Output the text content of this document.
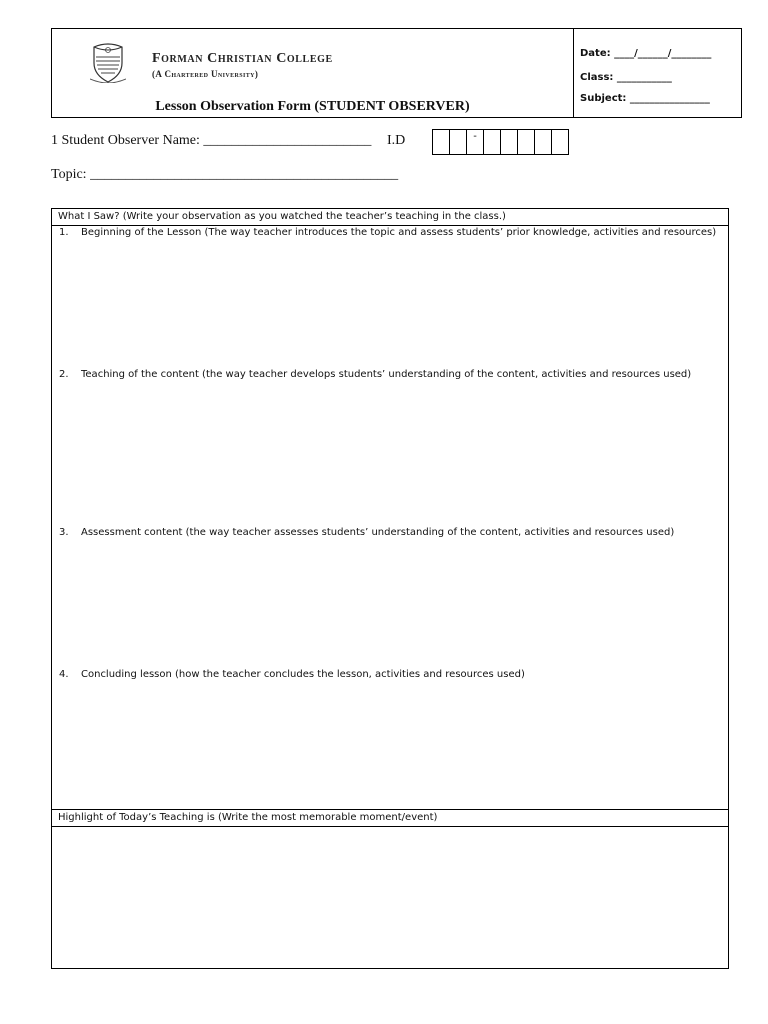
Forman Christian College
(A Chartered University)
Lesson Observation Form (STUDENT OBSERVER)
Date: ____/______/________
Class: ___________
Subject: ________________
1 Student Observer Name: ________________________ I.D	-
Topic: ____________________________________________
What I Saw? (Write your observation as you watched the teacher’s teaching in the class.)
1. Beginning of the Lesson (The way teacher introduces the topic and assess students’ prior knowledge, activities and resources)
2. Teaching of the content (the way teacher develops students’ understanding of the content, activities and resources used)
3. Assessment content (the way teacher assesses students’ understanding of the content, activities and resources used)
4. Concluding lesson (how the teacher concludes the lesson, activities and resources used)
Highlight of Today’s Teaching is (Write the most memorable moment/event)
